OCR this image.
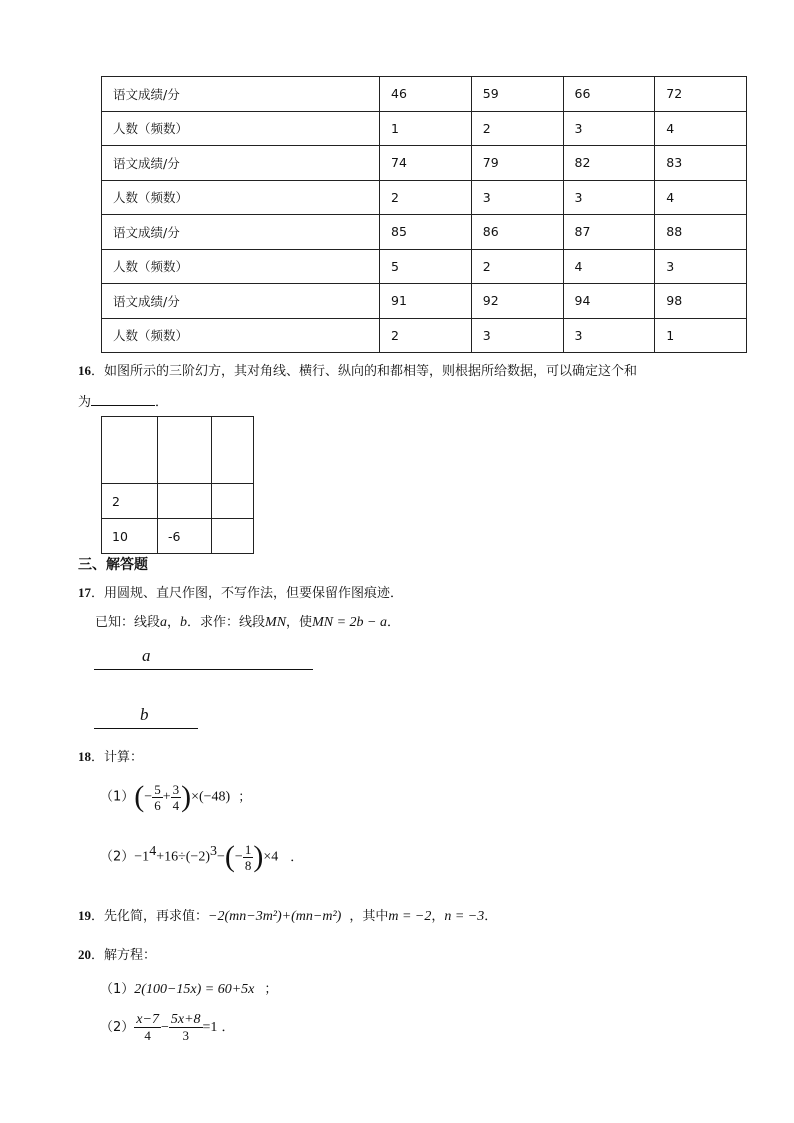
语文成绩/分	46	59	66	72
人数（频数）	1	2	3	4
语文成绩/分	74	79	82	83
人数（频数）	2	3	3	4
语文成绩/分	85	86	87	88
人数（频数）	5	2	4	3
语文成绩/分	91	92	94	98
人数（频数）	2	3	3	1
16．如图所示的三阶幻方，其对角线、横行、纵向的和都相等，则根据所给数据，可以确定这个和
为	．

2		
10	-6	
三、解答题
17．用圆规、直尺作图，不写作法，但要保留作图痕迹．
已知：线段a，b．求作：线段MN，使MN = 2b − a．
a
b
18．计算：
$(1)(- \frac{5}{6} + \frac{3}{4} )\times(-48)$ ；
$(2)-1^4+16\div(-2)^3-(- \frac{1}{8} )\times 4$ ．
19．先化简，再求值：−2(mn−3m²)+(mn−m²) ，其中m = −2，n = −3．
20．解方程：
（1）2(100−15x) = 60+5x ；
$(2) \frac{x-7}{4} - \frac{5x+8}{3} =1$ ．
